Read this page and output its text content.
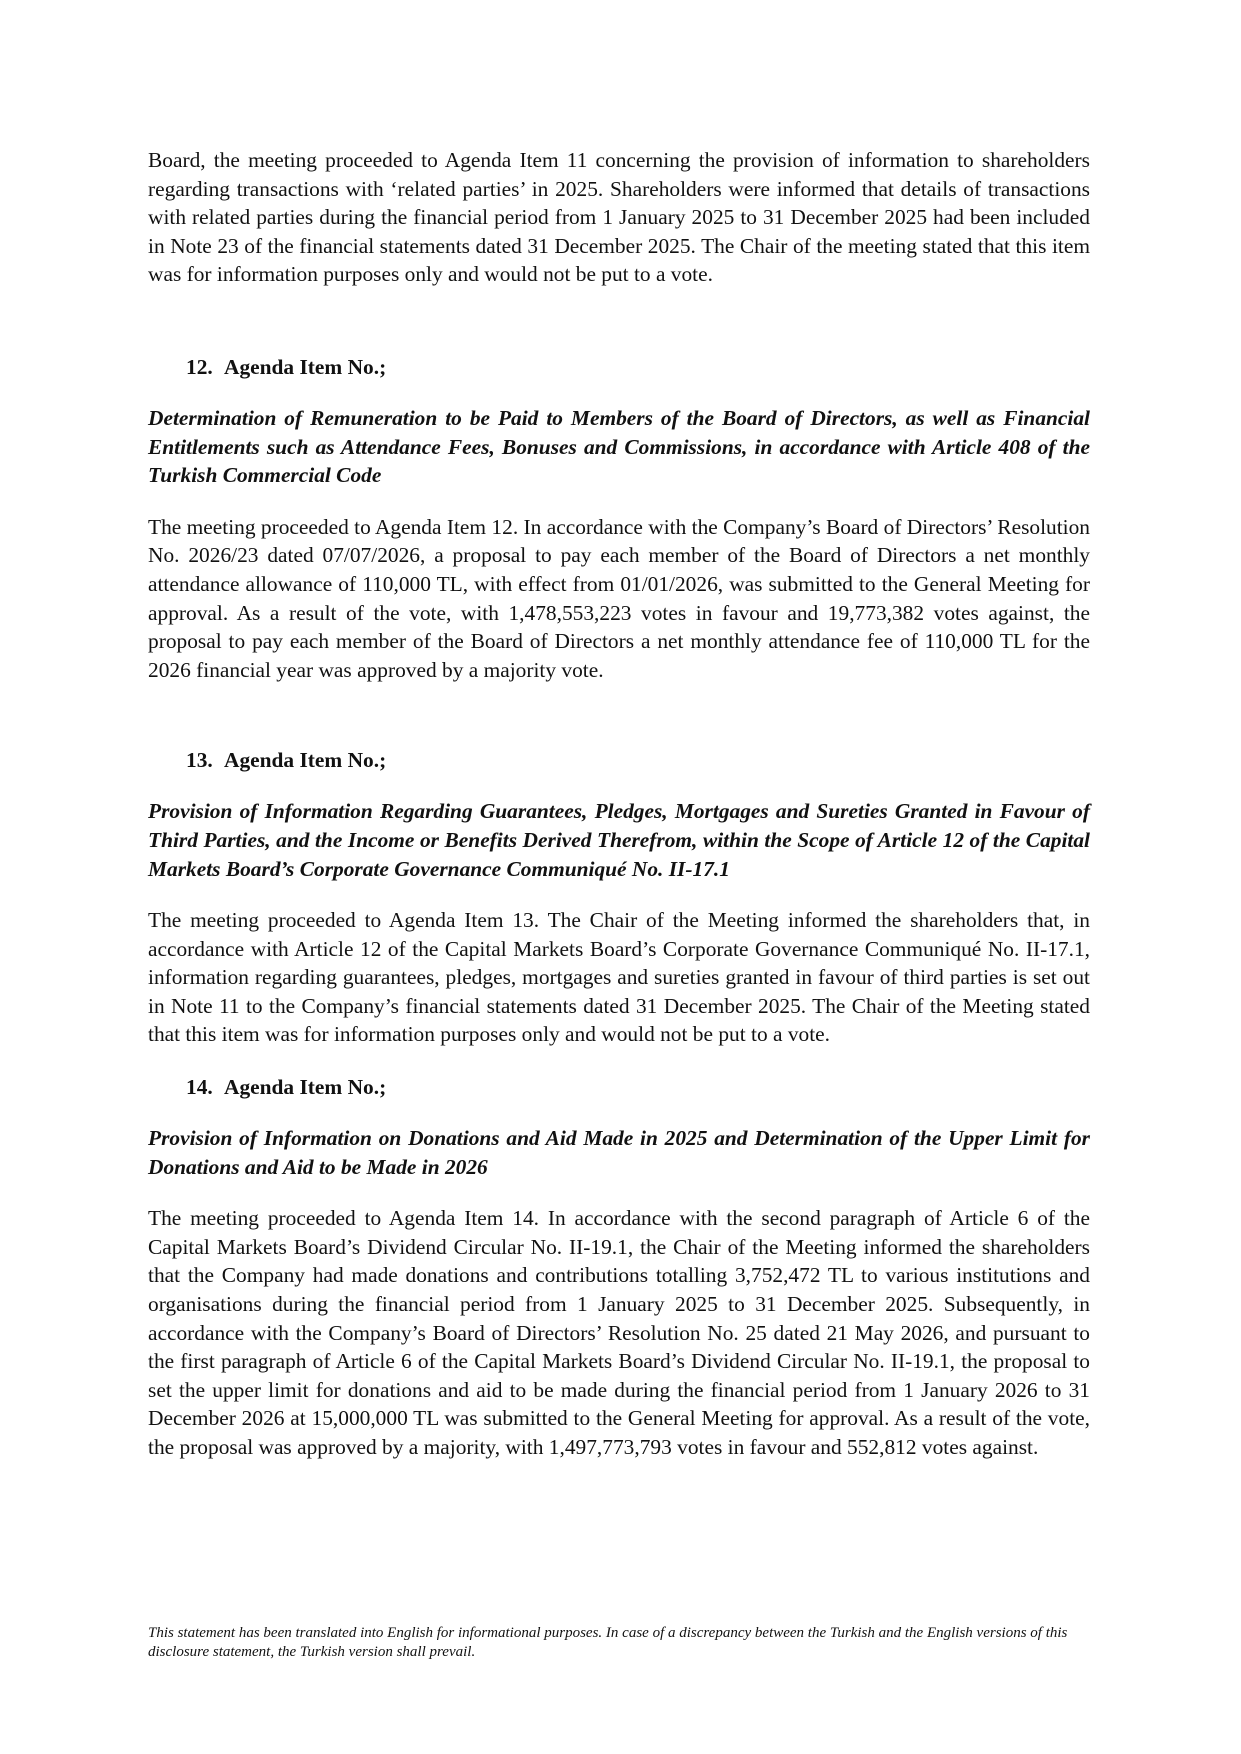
Board, the meeting proceeded to Agenda Item 11 concerning the provision of information to shareholders regarding transactions with ‘related parties’ in 2025. Shareholders were informed that details of transactions with related parties during the financial period from 1 January 2025 to 31 December 2025 had been included in Note 23 of the financial statements dated 31 December 2025. The Chair of the meeting stated that this item was for information purposes only and would not be put to a vote.

12. Agenda Item No.;

Determination of Remuneration to be Paid to Members of the Board of Directors, as well as Financial Entitlements such as Attendance Fees, Bonuses and Commissions, in accordance with Article 408 of the Turkish Commercial Code

The meeting proceeded to Agenda Item 12. In accordance with the Company’s Board of Directors’ Resolution No. 2026/23 dated 07/07/2026, a proposal to pay each member of the Board of Directors a net monthly attendance allowance of 110,000 TL, with effect from 01/01/2026, was submitted to the General Meeting for approval. As a result of the vote, with 1,478,553,223 votes in favour and 19,773,382 votes against, the proposal to pay each member of the Board of Directors a net monthly attendance fee of 110,000 TL for the 2026 financial year was approved by a majority vote.

13. Agenda Item No.;

Provision of Information Regarding Guarantees, Pledges, Mortgages and Sureties Granted in Favour of Third Parties, and the Income or Benefits Derived Therefrom, within the Scope of Article 12 of the Capital Markets Board’s Corporate Governance Communiqué No. II-17.1

The meeting proceeded to Agenda Item 13. The Chair of the Meeting informed the shareholders that, in accordance with Article 12 of the Capital Markets Board’s Corporate Governance Communiqué No. II-17.1, information regarding guarantees, pledges, mortgages and sureties granted in favour of third parties is set out in Note 11 to the Company’s financial statements dated 31 December 2025. The Chair of the Meeting stated that this item was for information purposes only and would not be put to a vote.

14. Agenda Item No.;

Provision of Information on Donations and Aid Made in 2025 and Determination of the Upper Limit for Donations and Aid to be Made in 2026

The meeting proceeded to Agenda Item 14. In accordance with the second paragraph of Article 6 of the Capital Markets Board’s Dividend Circular No. II-19.1, the Chair of the Meeting informed the shareholders that the Company had made donations and contributions totalling 3,752,472 TL to various institutions and organisations during the financial period from 1 January 2025 to 31 December 2025. Subsequently, in accordance with the Company’s Board of Directors’ Resolution No. 25 dated 21 May 2026, and pursuant to the first paragraph of Article 6 of the Capital Markets Board’s Dividend Circular No. II-19.1, the proposal to set the upper limit for donations and aid to be made during the financial period from 1 January 2026 to 31 December 2026 at 15,000,000 TL was submitted to the General Meeting for approval. As a result of the vote, the proposal was approved by a majority, with 1,497,773,793 votes in favour and 552,812 votes against.

This statement has been translated into English for informational purposes. In case of a discrepancy between the Turkish and the English versions of this disclosure statement, the Turkish version shall prevail.
